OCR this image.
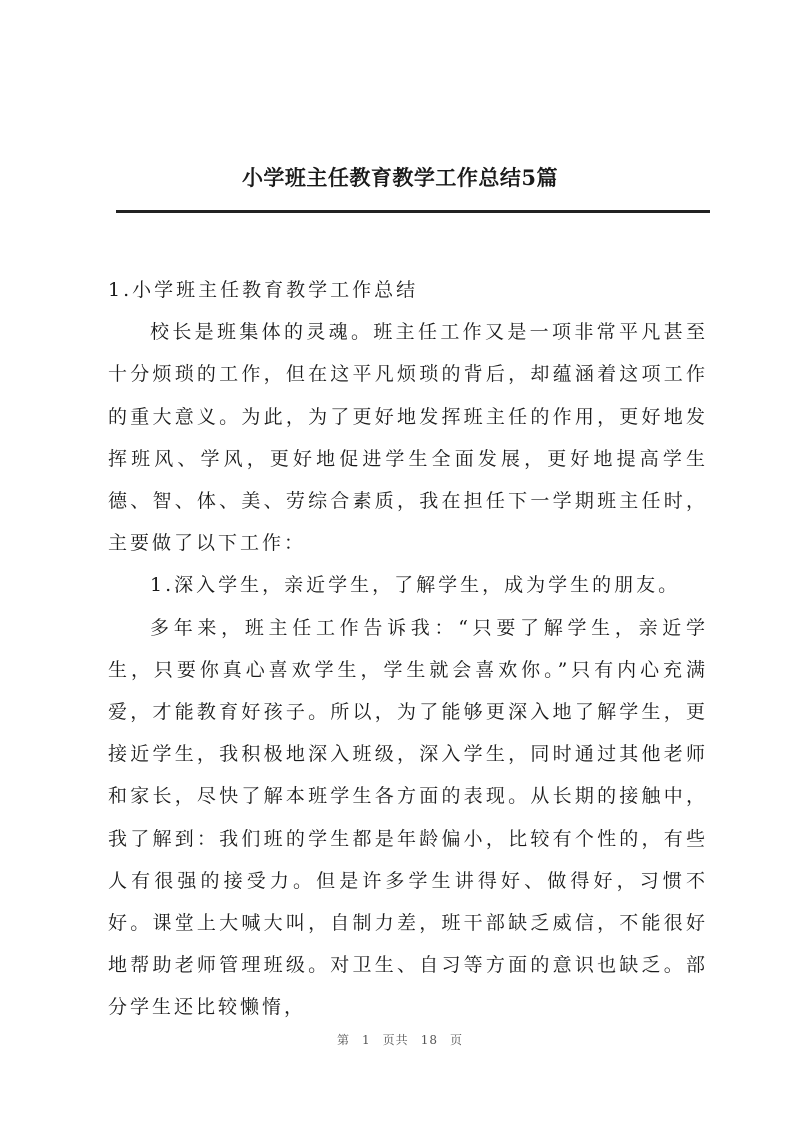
小学班主任教育教学工作总结5篇

1.小学班主任教育教学工作总结

校长是班集体的灵魂。班主任工作又是一项非常平凡甚至十分烦琐的工作，但在这平凡烦琐的背后，却蕴涵着这项工作的重大意义。为此，为了更好地发挥班主任的作用，更好地发挥班风、学风，更好地促进学生全面发展，更好地提高学生德、智、体、美、劳综合素质，我在担任下一学期班主任时，主要做了以下工作：

1.深入学生，亲近学生，了解学生，成为学生的朋友。

多年来，班主任工作告诉我：“只要了解学生，亲近学生，只要你真心喜欢学生，学生就会喜欢你。”只有内心充满爱，才能教育好孩子。所以，为了能够更深入地了解学生，更接近学生，我积极地深入班级，深入学生，同时通过其他老师和家长，尽快了解本班学生各方面的表现。从长期的接触中，我了解到：我们班的学生都是年龄偏小，比较有个性的，有些人有很强的接受力。但是许多学生讲得好、做得好，习惯不好。课堂上大喊大叫，自制力差，班干部缺乏威信，不能很好地帮助老师管理班级。对卫生、自习等方面的意识也缺乏。部分学生还比较懒惰，

第 1 页共 18 页
